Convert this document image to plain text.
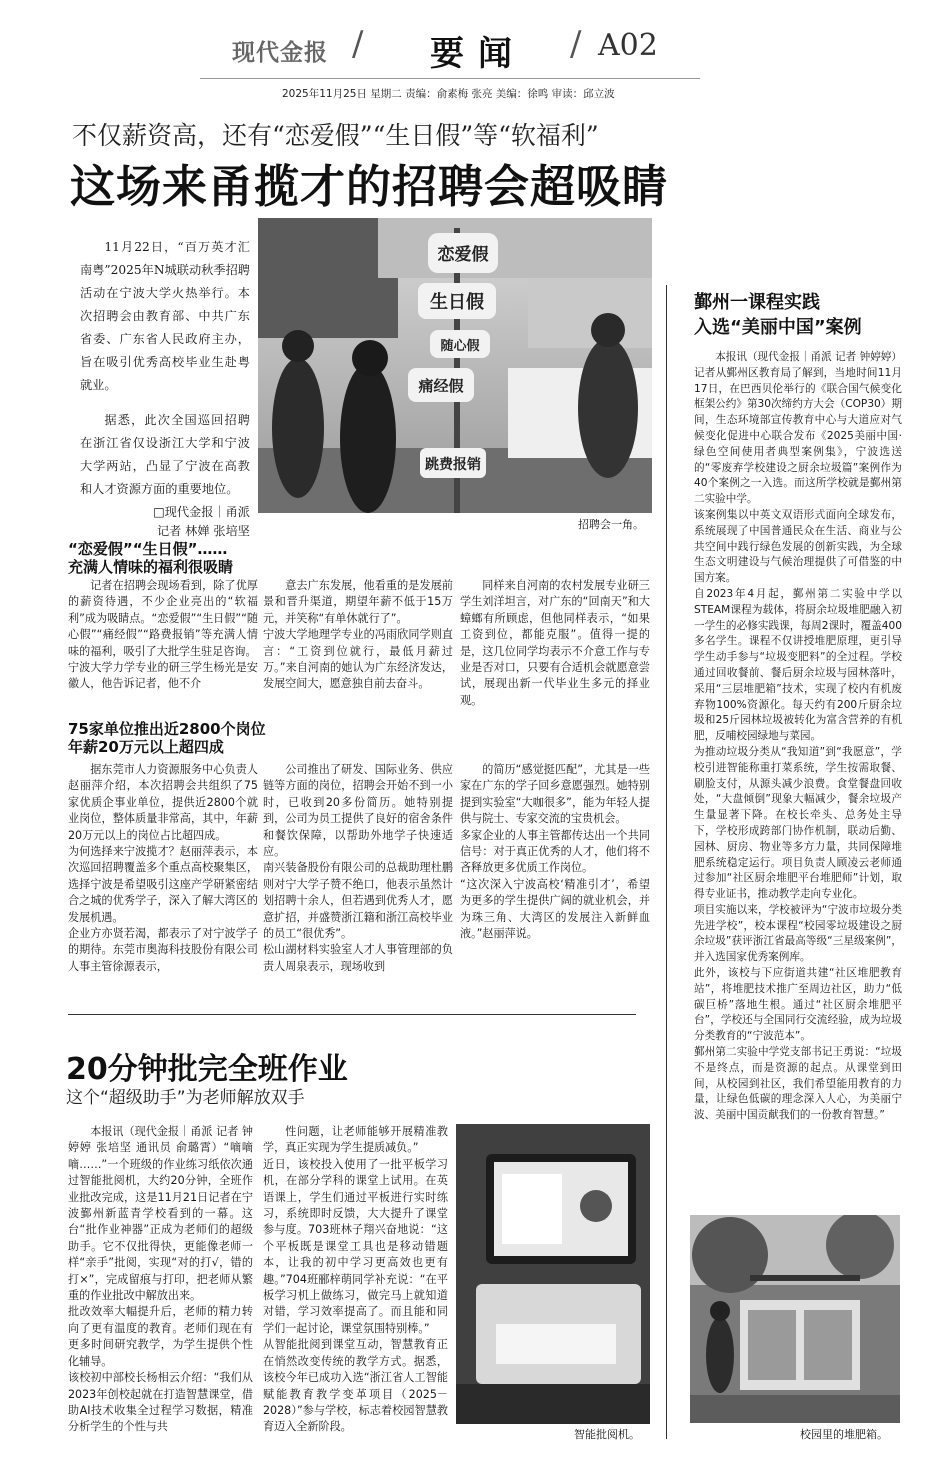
现代金报 / 要闻 / A02
2025年11月25日 星期二 责编：俞素梅 张亮 美编：徐鸣 审读：邱立波
不仅薪资高，还有“恋爱假”“生日假”等“软福利”
这场来甬揽才的招聘会超吸睛

11月22日，“百万英才汇南粤”2025年N城联动秋季招聘活动在宁波大学火热举行。本次招聘会由教育部、中共广东省委、广东省人民政府主办，旨在吸引优秀高校毕业生赴粤就业。

据悉，此次全国巡回招聘在浙江省仅设浙江大学和宁波大学两站，凸显了宁波在高教和人才资源方面的重要地位。

□现代金报｜甬派

记者 林婵 张培坚

恋爱假
生日假
随心假
痛经假
跳费报销
招聘会一角。
“恋爱假”“生日假”……
充满人情味的福利很吸睛
记者在招聘会现场看到，除了优厚的薪资待遇，不少企业亮出的“软福利”成为吸睛点。“恋爱假”“生日假”“随心假”“痛经假”“路费报销”等充满人情味的福利，吸引了大批学生驻足咨询。
宁波大学力学专业的研三学生杨光是安徽人，他告诉记者，他不介
意去广东发展，他看重的是发展前景和晋升渠道，期望年薪不低于15万元，并笑称“有单休就行了”。
宁波大学地理学专业的冯雨欣同学则直言：“工资到位就行，最低月薪过万。”来自河南的她认为广东经济发达，发展空间大，愿意独自前去奋斗。
同样来自河南的农村发展专业研三学生刘洋坦言，对广东的“回南天”和大蟑螂有所顾虑，但他同样表示，“如果工资到位，都能克服”。值得一提的是，这几位同学均表示不介意工作与专业是否对口，只要有合适机会就愿意尝试，展现出新一代毕业生多元的择业观。
75家单位推出近2800个岗位
年薪20万元以上超四成
据东莞市人力资源服务中心负责人赵丽萍介绍，本次招聘会共组织了75家优质企事业单位，提供近2800个就业岗位，整体质量非常高，其中，年薪20万元以上的岗位占比超四成。
为何选择来宁波揽才？赵丽萍表示，本次巡回招聘覆盖多个重点高校聚集区，选择宁波是希望吸引这座产学研紧密结合之城的优秀学子，深入了解大湾区的发展机遇。
企业方亦贤若渴，都表示了对宁波学子的期待。东莞市奥海科技股份有限公司人事主管徐源表示，
公司推出了研发、国际业务、供应链等方面的岗位，招聘会开始不到一小时，已收到20多份简历。她特别提到，公司为员工提供了良好的宿舍条件和餐饮保障，以帮助外地学子快速适应。
南兴装备股份有限公司的总裁助理杜鹏则对宁大学子赞不绝口，他表示虽然计划招聘十余人，但若遇到优秀人才，愿意扩招，并盛赞浙江籍和浙江高校毕业的员工“很优秀”。
松山湖材料实验室人才人事管理部的负责人周泉表示，现场收到
的简历“感觉挺匹配”，尤其是一些家在广东的学子回乡意愿强烈。她特别提到实验室“大咖很多”，能为年轻人提供与院士、专家交流的宝贵机会。
多家企业的人事主管都传达出一个共同信号：对于真正优秀的人才，他们将不吝释放更多优质工作岗位。
“这次深入宁波高校‘精准引才’，希望为更多的学生提供广阔的就业机会，并为珠三角、大湾区的发展注入新鲜血液。”赵丽萍说。
20分钟批完全班作业
这个“超级助手”为老师解放双手
本报讯（现代金报｜甬派 记者 钟婷婷 张培坚 通讯员 俞璐霄）“嘀嘀嘀……”一个班级的作业练习纸依次通过智能批阅机，大约20分钟，全班作业批改完成，这是11月21日记者在宁波鄞州新蓝青学校看到的一幕。这台“批作业神器”正成为老师们的超级助手。它不仅批得快，更能像老师一样“亲手”批阅，实现“对的打√，错的打×”，完成留痕与打印，把老师从繁重的作业批改中解放出来。
批改效率大幅提升后，老师的精力转向了更有温度的教育。老师们现在有更多时间研究教学，为学生提供个性化辅导。
该校初中部校长杨相云介绍：“我们从2023年创校起就在打造智慧课堂，借助AI技术收集全过程学习数据，精准分析学生的个性与共
性问题，让老师能够开展精准教学，真正实现为学生提质减负。”
近日，该校投入使用了一批平板学习机，在部分学科的课堂上试用。在英语课上，学生们通过平板进行实时练习，系统即时反馈，大大提升了课堂参与度。703班林子翔兴奋地说：“这个平板既是课堂工具也是移动错题本，让我的初中学习更高效也更有趣。”704班郦梓萌同学补充说：“在平板学习机上做练习，做完马上就知道对错，学习效率提高了。而且能和同学们一起讨论，课堂氛围特别棒。”
从智能批阅到课堂互动，智慧教育正在悄然改变传统的教学方式。据悉，该校今年已成功入选“浙江省人工智能赋能教育教学变革项目（2025－2028）”参与学校，标志着校园智慧教育迈入全新阶段。
智能批阅机。
鄞州一课程实践
入选“美丽中国”案例
本报讯（现代金报｜甬派 记者 钟婷婷）记者从鄞州区教育局了解到，当地时间11月17日，在巴西贝伦举行的《联合国气候变化框架公约》第30次缔约方大会（COP30）期间，生态环境部宣传教育中心与大道应对气候变化促进中心联合发布《2025美丽中国·绿色空间使用者典型案例集》，宁波选送的“零废弃学校建设之厨余垃圾篇”案例作为40个案例之一入选。而这所学校就是鄞州第二实验中学。
该案例集以中英文双语形式面向全球发布，系统展现了中国普通民众在生活、商业与公共空间中践行绿色发展的创新实践，为全球生态文明建设与气候治理提供了可借鉴的中国方案。
自2023年4月起，鄞州第二实验中学以STEAM课程为载体，将厨余垃圾堆肥融入初一学生的必修实践课，每周2课时，覆盖400多名学生。课程不仅讲授堆肥原理，更引导学生动手参与“垃圾变肥料”的全过程。学校通过回收餐前、餐后厨余垃圾与园林落叶，采用“三层堆肥箱”技术，实现了校内有机废弃物100%资源化。每天约有200斤厨余垃圾和25斤园林垃圾被转化为富含营养的有机肥，反哺校园绿地与菜园。
为推动垃圾分类从“我知道”到“我愿意”，学校引进智能称重打菜系统，学生按需取餐、刷脸支付，从源头减少浪费。食堂餐盘回收处，“大盘倾倒”现象大幅减少，餐余垃圾产生量显著下降。在校长牵头、总务处主导下，学校形成跨部门协作机制，联动后勤、园林、厨房、物业等多方力量，共同保障堆肥系统稳定运行。项目负责人顾凌云老师通过参加“社区厨余堆肥平台堆肥师”计划，取得专业证书，推动教学走向专业化。
项目实施以来，学校被评为“宁波市垃圾分类先进学校”，校本课程“校园零垃圾建设之厨余垃圾”获评浙江省最高等级“三星级案例”，并入选国家优秀案例库。
此外，该校与下应街道共建“社区堆肥教育站”，将堆肥技术推广至周边社区，助力“低碳巨桥”落地生根。通过“社区厨余堆肥平台”，学校还与全国同行交流经验，成为垃圾分类教育的“宁波范本”。
鄞州第二实验中学党支部书记王勇说：“垃圾不是终点，而是资源的起点。从课堂到田间，从校园到社区，我们希望能用教育的力量，让绿色低碳的理念深入人心，为美丽宁波、美丽中国贡献我们的一份教育智慧。”
校园里的堆肥箱。
